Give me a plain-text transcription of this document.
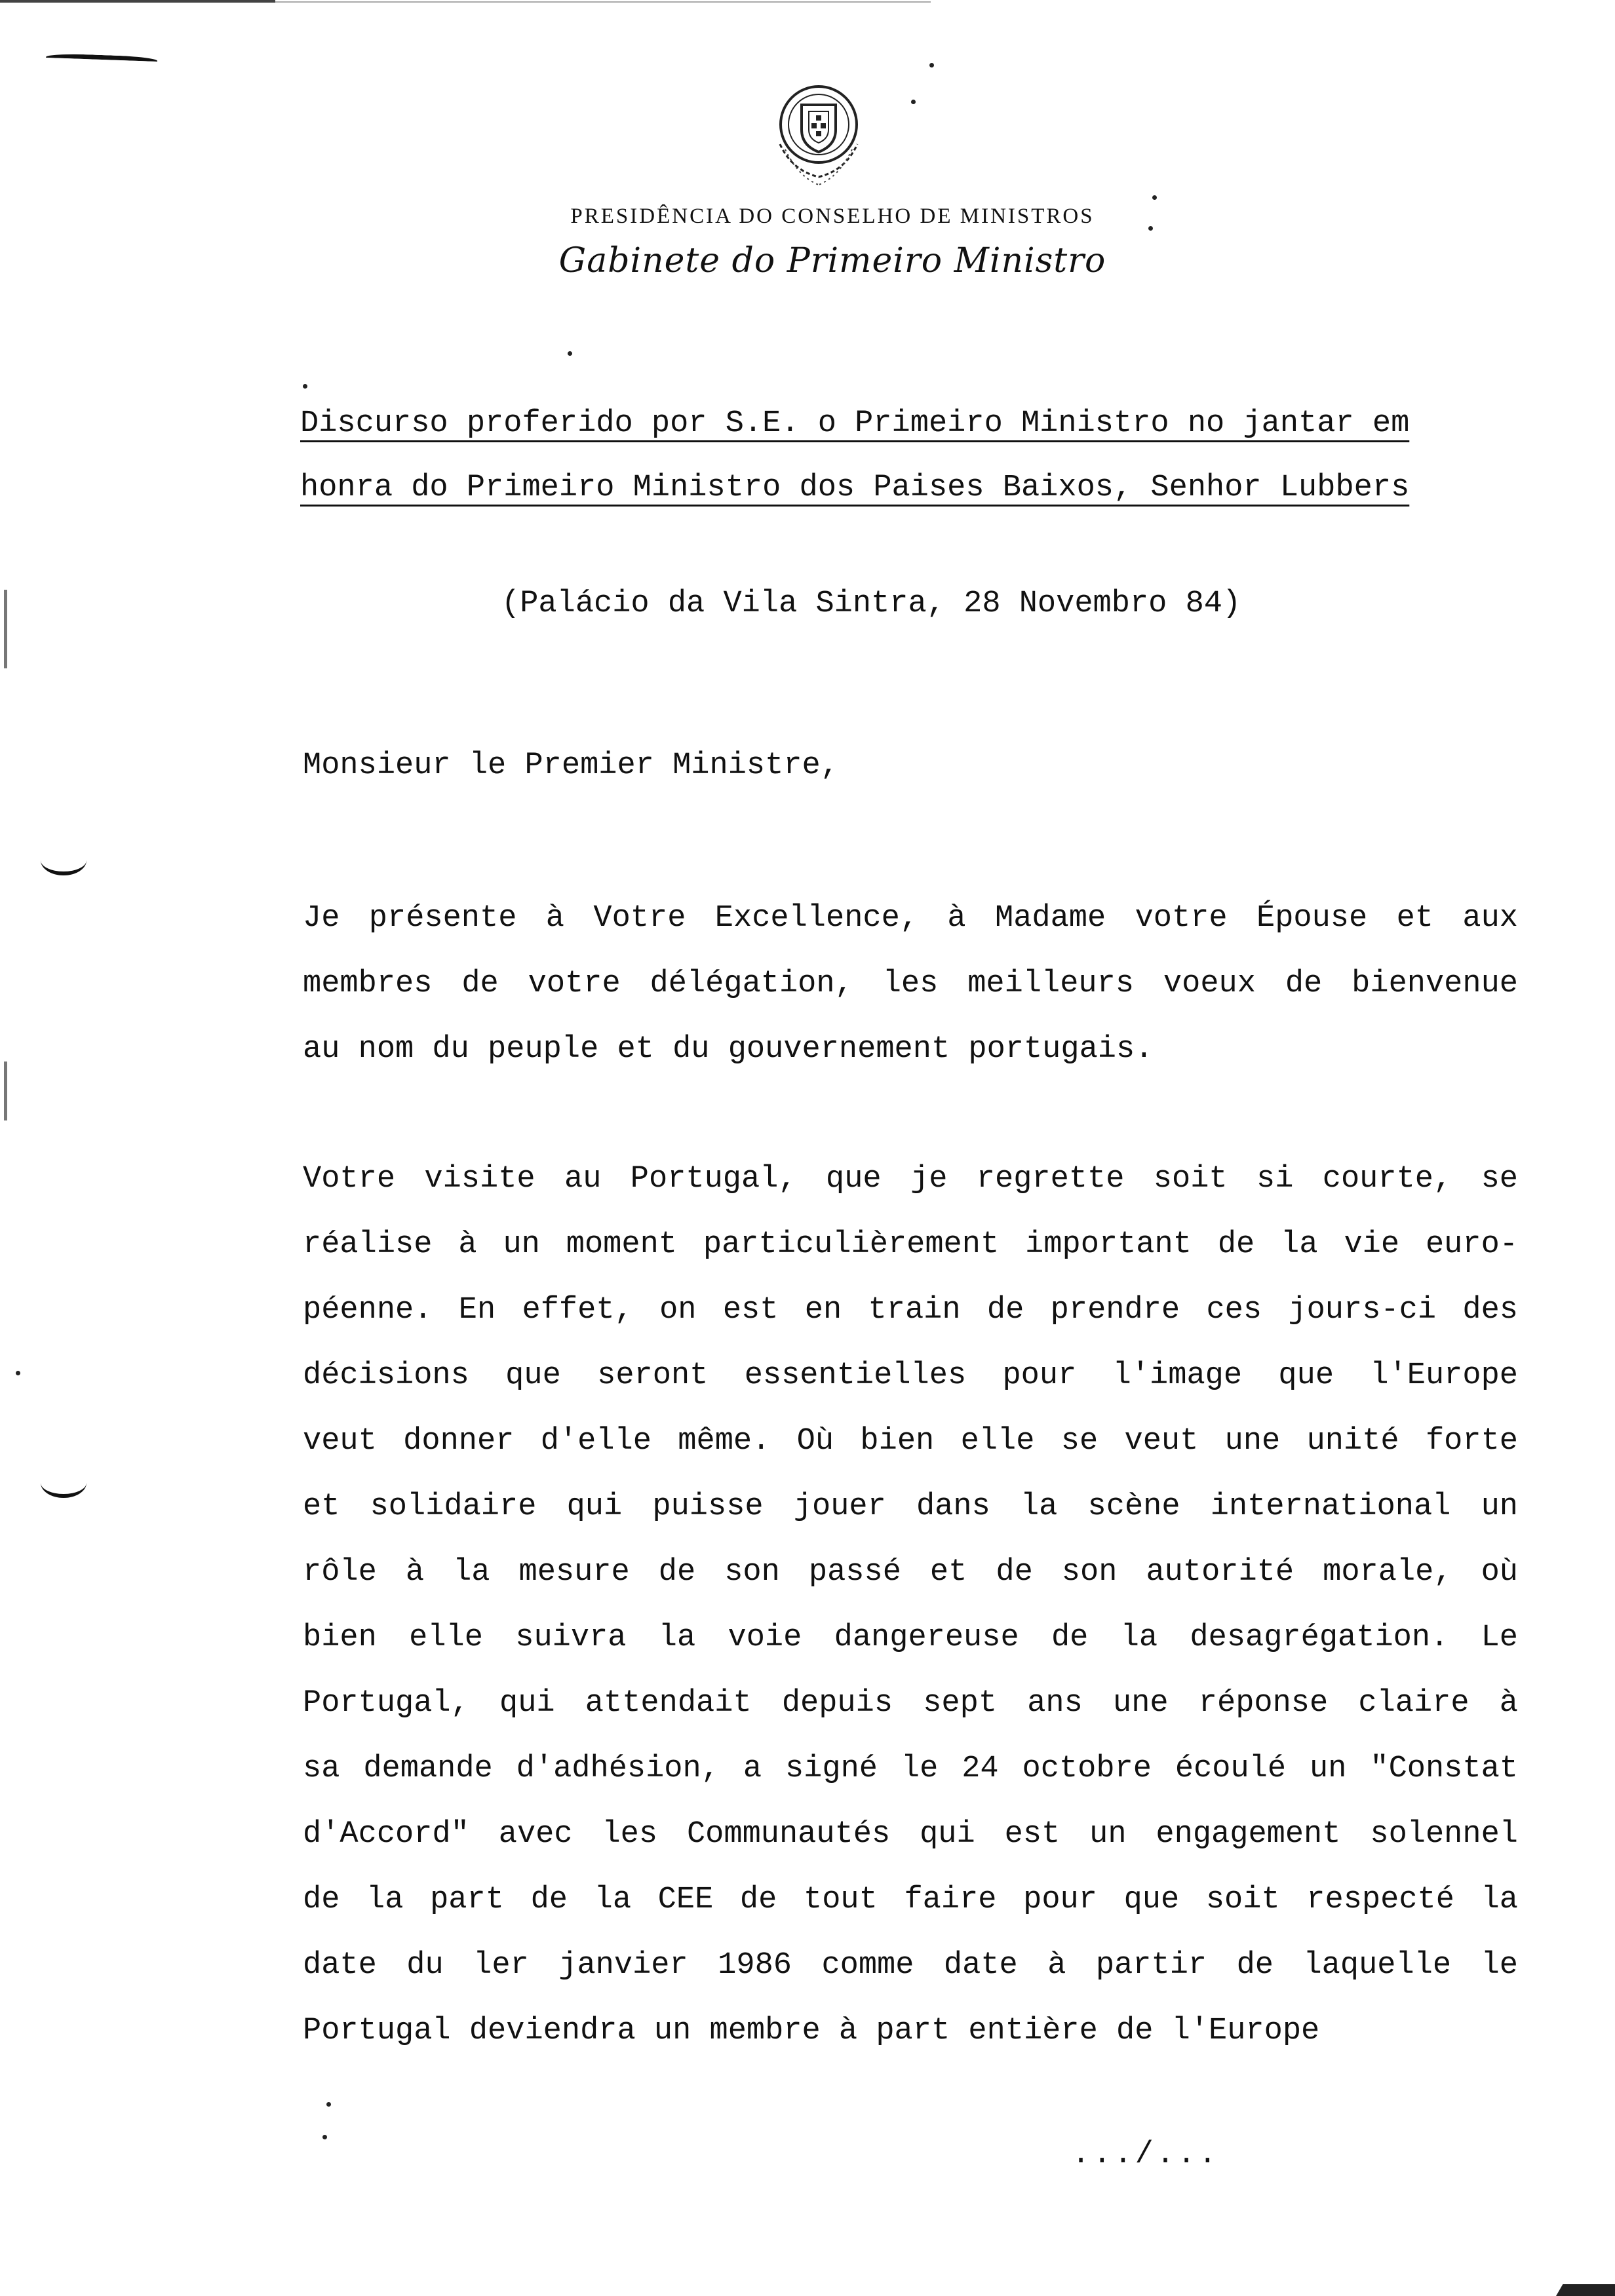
PRESIDÊNCIA DO CONSELHO DE MINISTROS
Gabinete do Primeiro Ministro
Discurso proferido por S.E. o Primeiro Ministro no jantar em
honra do Primeiro Ministro dos Paises Baixos, Senhor Lubbers
(Palácio da Vila Sintra, 28 Novembro 84)
Monsieur le Premier Ministre,
Je présente à Votre Excellence, à Madame votre Épouse et aux
membres de votre délégation, les meilleurs voeux de bienvenue
au nom du peuple et du gouvernement portugais.
Votre visite au Portugal, que je regrette soit si courte, se
réalise à un moment particulièrement important de la vie euro-
péenne. En effet, on est en train de prendre ces jours-ci des
décisions que seront essentielles pour l'image que l'Europe
veut donner d'elle même. Où bien elle se veut une unité forte
et solidaire qui puisse jouer dans la scène international un
rôle à la mesure de son passé et de son autorité morale, où
bien elle suivra la voie dangereuse de la desagrégation. Le
Portugal, qui attendait depuis sept ans une réponse claire à
sa demande d'adhésion, a signé le 24 octobre écoulé un "Constat
d'Accord" avec les Communautés qui est un engagement solennel
de la part de la CEE de tout faire pour que soit respecté la
date du ler janvier 1986 comme date à partir de laquelle le
Portugal deviendra un membre à part entière de l'Europe
.../...
